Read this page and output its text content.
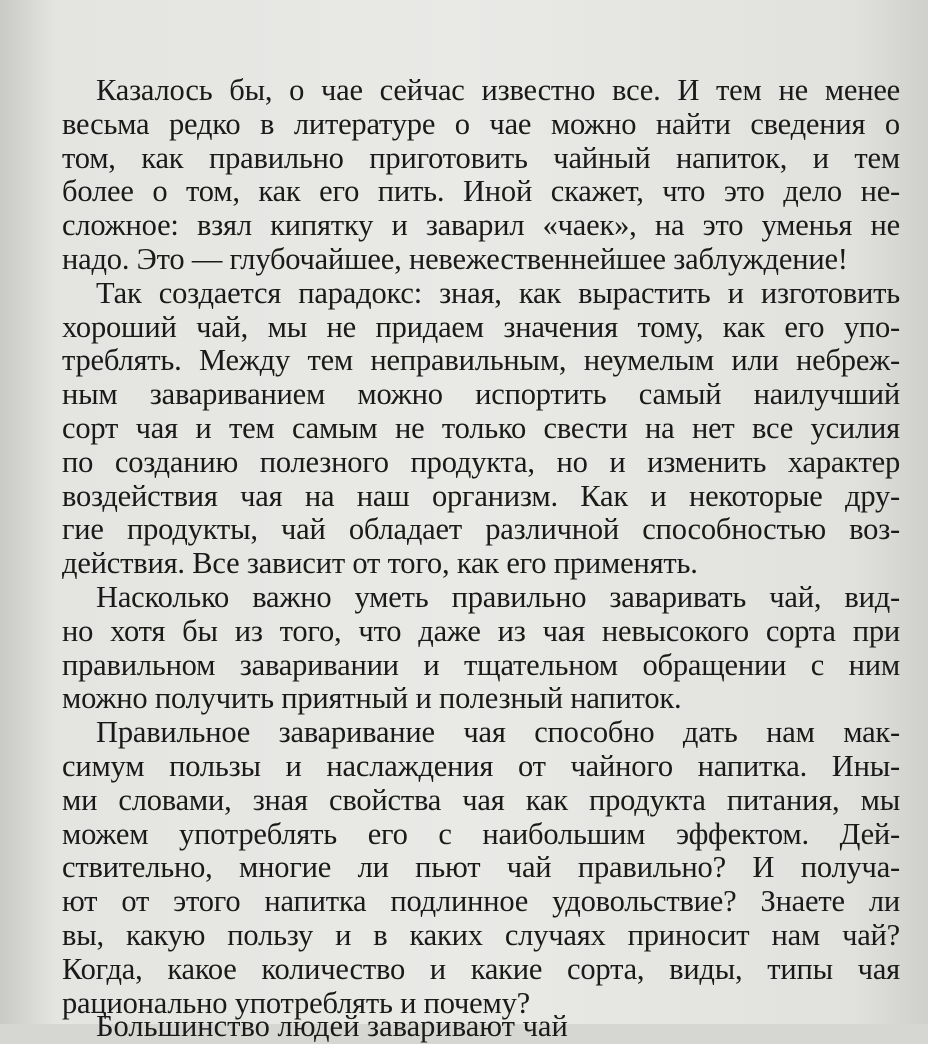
Казалось бы, о чае сейчас известно все. И тем не менее
весьма редко в литературе о чае можно найти сведения о
том, как правильно приготовить чайный напиток, и тем
более о том, как его пить. Иной скажет, что это дело не-
сложное: взял кипятку и заварил «чаек», на это уменья не
надо. Это — глубочайшее, невежественнейшее заблуждение!
Так создается парадокс: зная, как вырастить и изготовить
хороший чай, мы не придаем значения тому, как его упо-
треблять. Между тем неправильным, неумелым или небреж-
ным завариванием можно испортить самый наилучший
сорт чая и тем самым не только свести на нет все усилия
по созданию полезного продукта, но и изменить характер
воздействия чая на наш организм. Как и некоторые дру-
гие продукты, чай обладает различной способностью воз-
действия. Все зависит от того, как его применять.
Насколько важно уметь правильно заваривать чай, вид-
но хотя бы из того, что даже из чая невысокого сорта при
правильном заваривании и тщательном обращении с ним
можно получить приятный и полезный напиток.
Правильное заваривание чая способно дать нам мак-
симум пользы и наслаждения от чайного напитка. Ины-
ми словами, зная свойства чая как продукта питания, мы
можем употреблять его с наибольшим эффектом. Дей-
ствительно, многие ли пьют чай правильно? И получа-
ют от этого напитка подлинное удовольствие? Знаете ли
вы, какую пользу и в каких случаях приносит нам чай?
Когда, какое количество и какие сорта, виды, типы чая
рационально употреблять и почему?
Большинство людей заваривают чай
